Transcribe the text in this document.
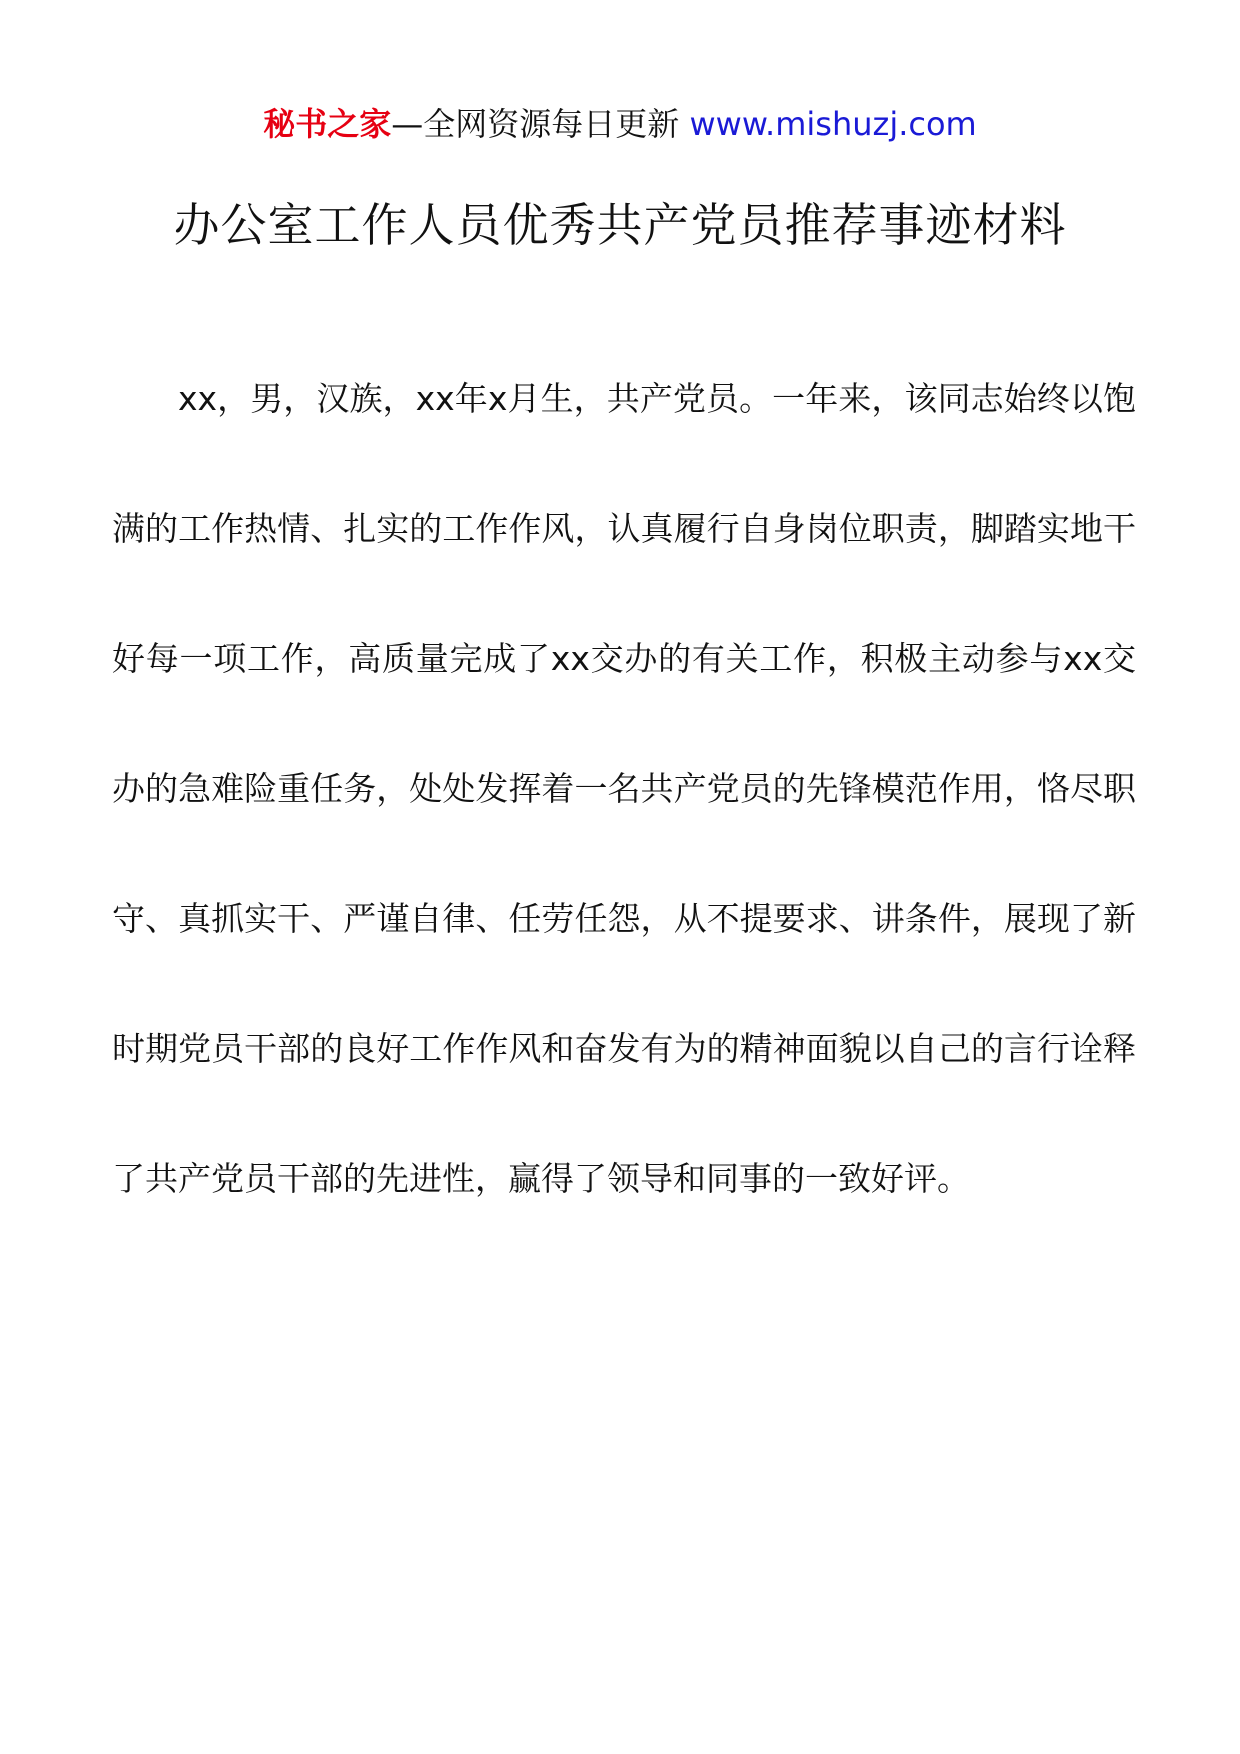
秘书之家—全网资源每日更新 www.mishuzj.com
办公室工作人员优秀共产党员推荐事迹材料

xx，男，汉族，xx年x月生，共产党员。一年来，该同志始终以饱满的工作热情、扎实的工作作风，认真履行自身岗位职责，脚踏实地干好每一项工作，高质量完成了xx交办的有关工作，积极主动参与xx交办的急难险重任务，处处发挥着一名共产党员的先锋模范作用，恪尽职守、真抓实干、严谨自律、任劳任怨，从不提要求、讲条件，展现了新时期党员干部的良好工作作风和奋发有为的精神面貌以自己的言行诠释了共产党员干部的先进性，赢得了领导和同事的一致好评。
